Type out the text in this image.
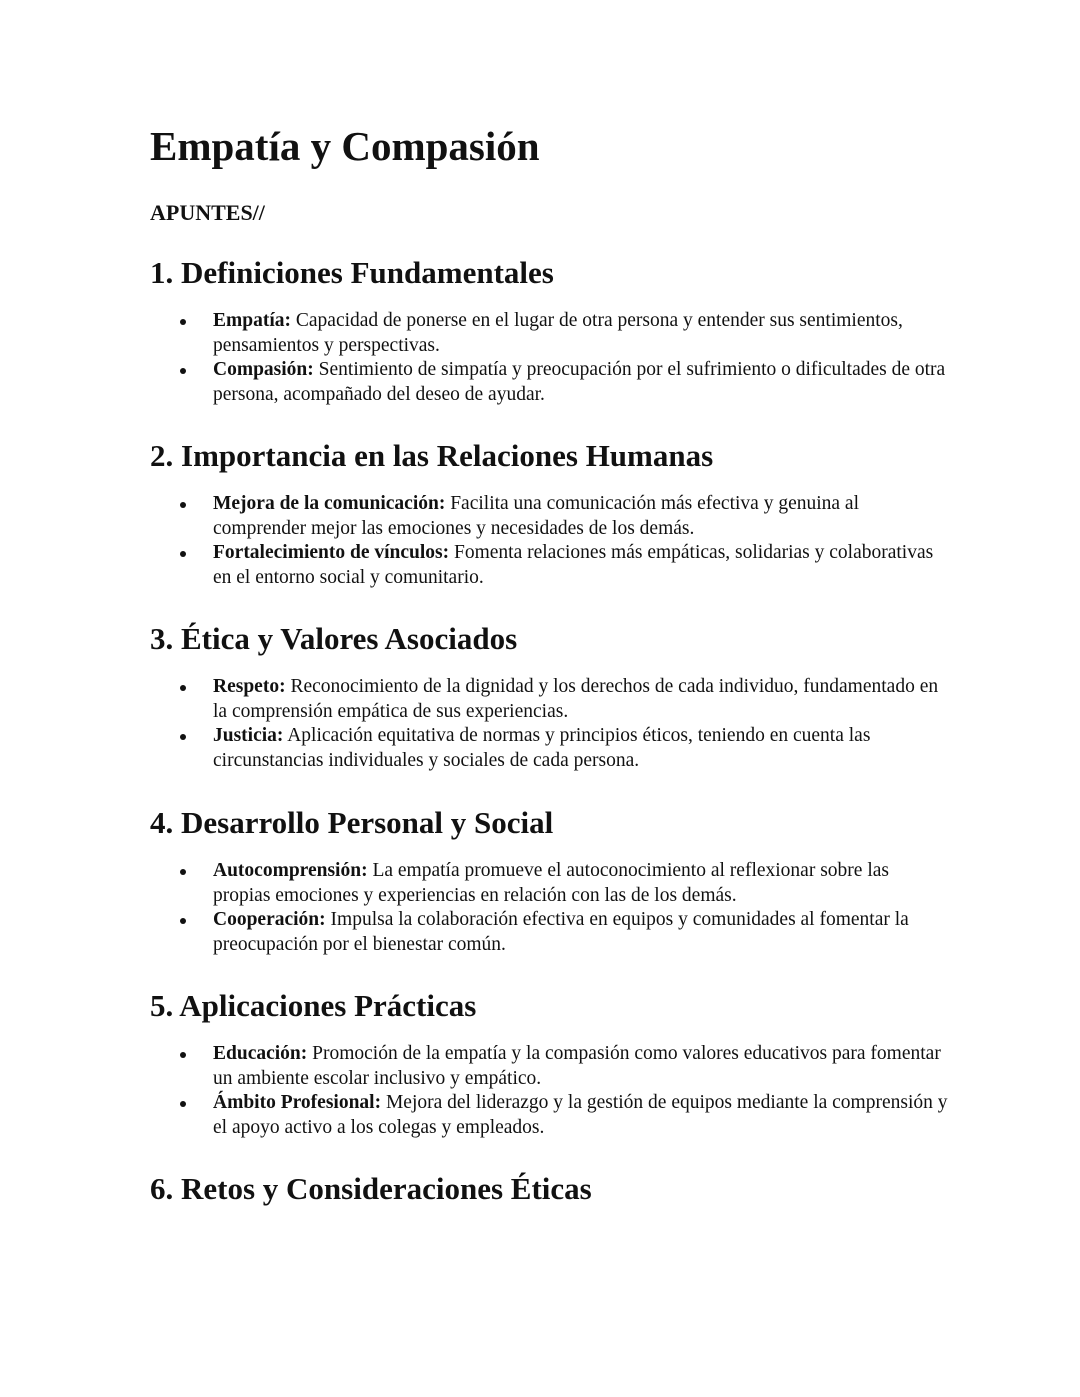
Empatía y Compasión
APUNTES//
1. Definiciones Fundamentales
Empatía: Capacidad de ponerse en el lugar de otra persona y entender sus sentimientos, pensamientos y perspectivas.
Compasión: Sentimiento de simpatía y preocupación por el sufrimiento o dificultades de otra persona, acompañado del deseo de ayudar.
2. Importancia en las Relaciones Humanas
Mejora de la comunicación: Facilita una comunicación más efectiva y genuina al comprender mejor las emociones y necesidades de los demás.
Fortalecimiento de vínculos: Fomenta relaciones más empáticas, solidarias y colaborativas en el entorno social y comunitario.
3. Ética y Valores Asociados
Respeto: Reconocimiento de la dignidad y los derechos de cada individuo, fundamentado en la comprensión empática de sus experiencias.
Justicia: Aplicación equitativa de normas y principios éticos, teniendo en cuenta las circunstancias individuales y sociales de cada persona.
4. Desarrollo Personal y Social
Autocomprensión: La empatía promueve el autoconocimiento al reflexionar sobre las propias emociones y experiencias en relación con las de los demás.
Cooperación: Impulsa la colaboración efectiva en equipos y comunidades al fomentar la preocupación por el bienestar común.
5. Aplicaciones Prácticas
Educación: Promoción de la empatía y la compasión como valores educativos para fomentar un ambiente escolar inclusivo y empático.
Ámbito Profesional: Mejora del liderazgo y la gestión de equipos mediante la comprensión y el apoyo activo a los colegas y empleados.
6. Retos y Consideraciones Éticas
